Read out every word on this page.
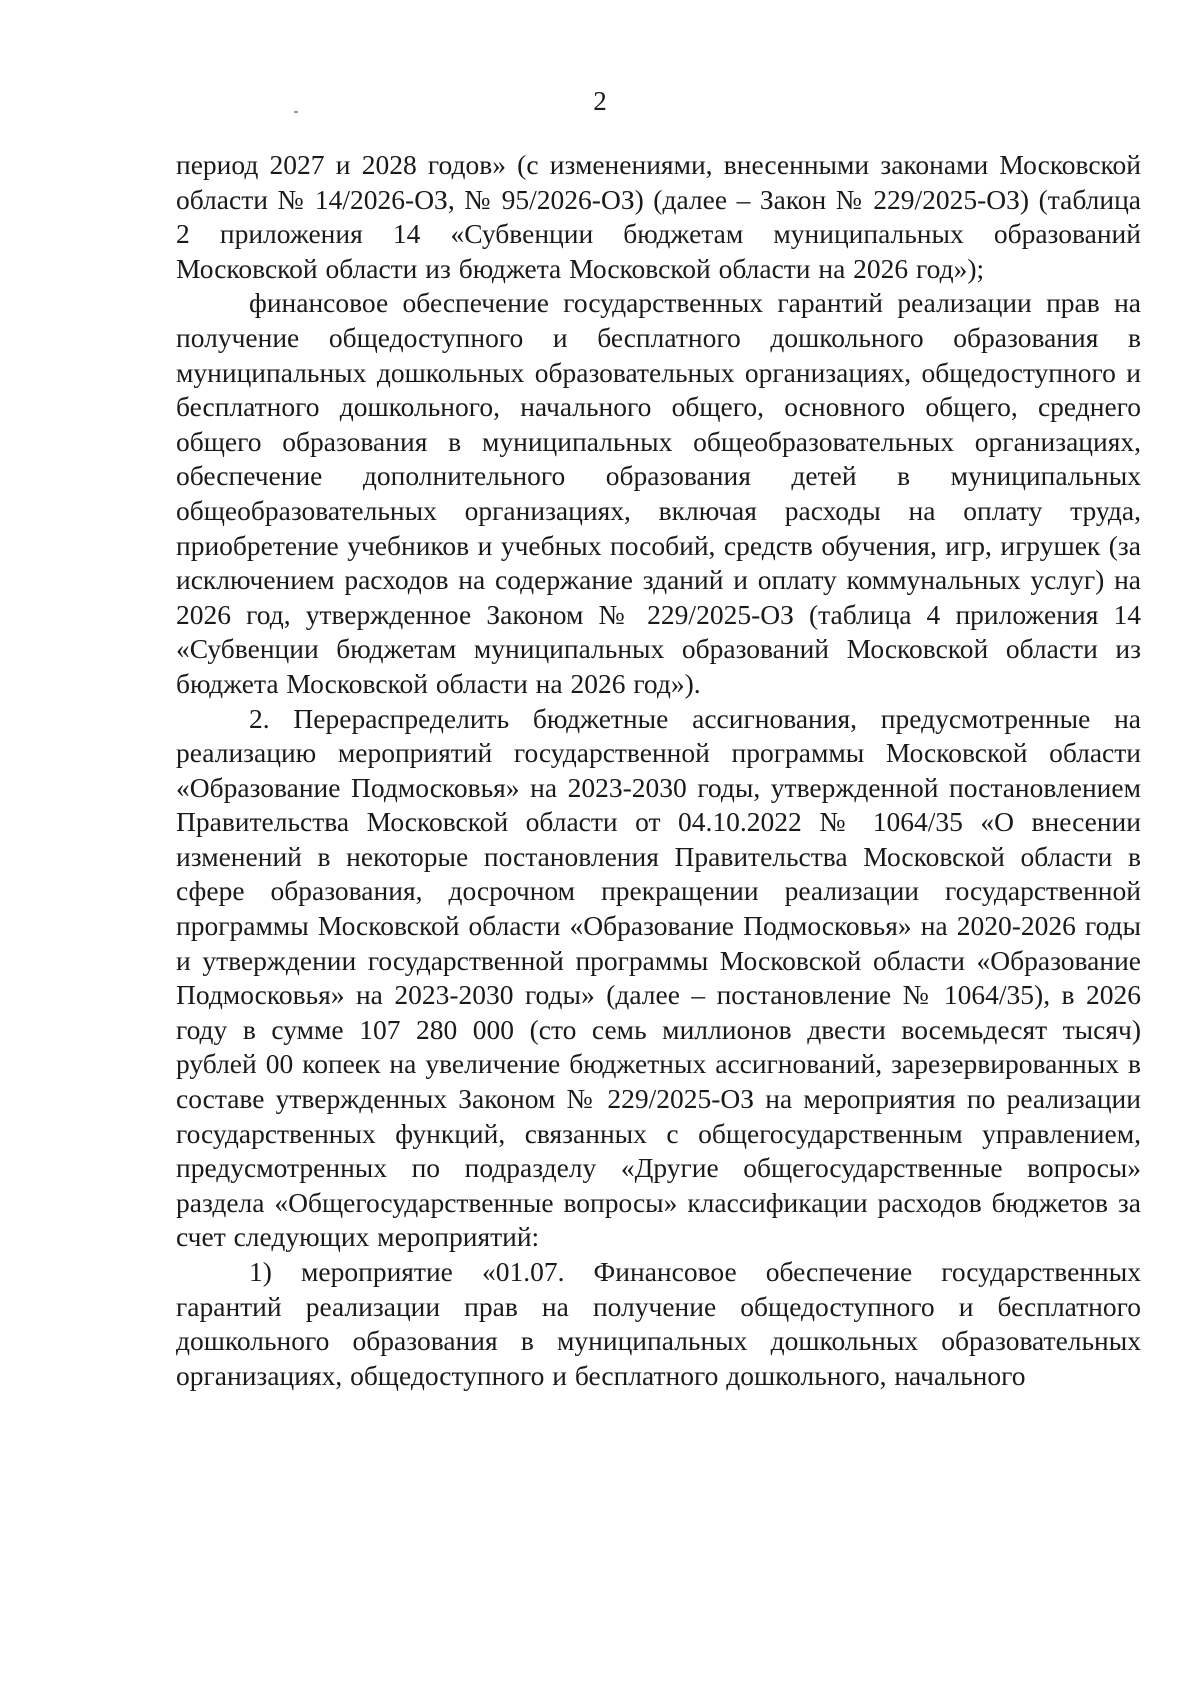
2

период 2027 и 2028 годов» (с изменениями, внесенными законами Московской области № 14/2026-ОЗ, № 95/2026-ОЗ) (далее – Закон № 229/2025-ОЗ) (таблица 2 приложения 14 «Субвенции бюджетам муниципальных образований Московской области из бюджета Московской области на 2026 год»);

финансовое обеспечение государственных гарантий реализации прав на получение общедоступного и бесплатного дошкольного образования в муниципальных дошкольных образовательных организациях, общедоступного и бесплатного дошкольного, начального общего, основного общего, среднего общего образования в муниципальных общеобразовательных организациях, обеспечение дополнительного образования детей в муниципальных общеобразовательных организациях, включая расходы на оплату труда, приобретение учебников и учебных пособий, средств обучения, игр, игрушек (за исключением расходов на содержание зданий и оплату коммунальных услуг) на 2026 год, утвержденное Законом № 229/2025-ОЗ (таблица 4 приложения 14 «Субвенции бюджетам муниципальных образований Московской области из бюджета Московской области на 2026 год»).

2. Перераспределить бюджетные ассигнования, предусмотренные на реализацию мероприятий государственной программы Московской области «Образование Подмосковья» на 2023-2030 годы, утвержденной постановлением Правительства Московской области от 04.10.2022 № 1064/35 «О внесении изменений в некоторые постановления Правительства Московской области в сфере образования, досрочном прекращении реализации государственной программы Московской области «Образование Подмосковья» на 2020-2026 годы и утверждении государственной программы Московской области «Образование Подмосковья» на 2023-2030 годы» (далее – постановление № 1064/35), в 2026 году в сумме 107 280 000 (сто семь миллионов двести восемьдесят тысяч) рублей 00 копеек на увеличение бюджетных ассигнований, зарезервированных в составе утвержденных Законом № 229/2025-ОЗ на мероприятия по реализации государственных функций, связанных с общегосударственным управлением, предусмотренных по подразделу «Другие общегосударственные вопросы» раздела «Общегосударственные вопросы» классификации расходов бюджетов за счет следующих мероприятий:

1) мероприятие «01.07. Финансовое обеспечение государственных гарантий реализации прав на получение общедоступного и бесплатного дошкольного образования в муниципальных дошкольных образовательных организациях, общедоступного и бесплатного дошкольного, начального
